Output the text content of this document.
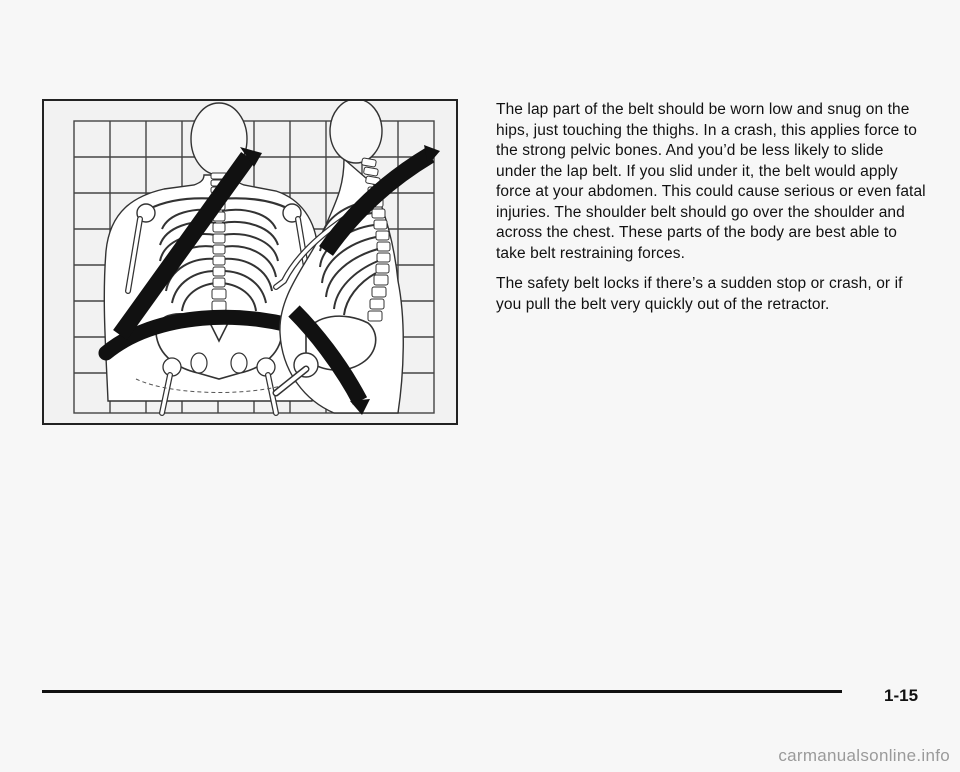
The lap part of the belt should be worn low and snug on the hips, just touching the thighs. In a crash, this applies force to the strong pelvic bones. And you’d be less likely to slide under the lap belt. If you slid under it, the belt would apply force at your abdomen. This could cause serious or even fatal injuries. The shoulder belt should go over the shoulder and across the chest. These parts of the body are best able to take belt restraining forces.

The safety belt locks if there’s a sudden stop or crash, or if you pull the belt very quickly out of the retractor.

1-15
carmanualsonline.info
